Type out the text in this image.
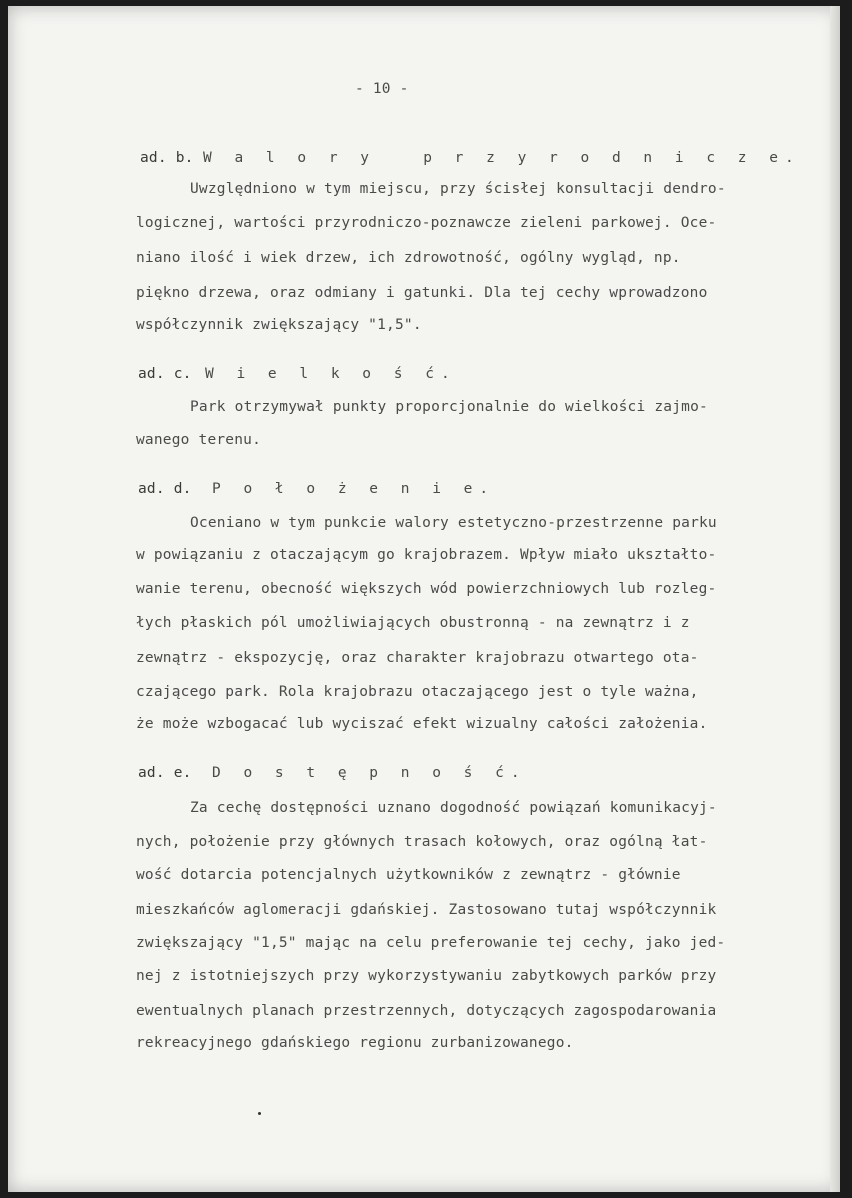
- 10 -
ad. b. W a l o r y   p r z y r o d n i c z e.
Uwzględniono w tym miejscu, przy ścisłej konsultacji dendro-
logicznej, wartości przyrodniczo-poznawcze zieleni parkowej. Oce-
niano ilość i wiek drzew, ich zdrowotność, ogólny wygląd, np.
piękno drzewa, oraz odmiany i gatunki. Dla tej cechy wprowadzono
współczynnik zwiększający "1,5".
ad. c. W i e l k o ś ć.
Park otrzymywał punkty proporcjonalnie do wielkości zajmo-
wanego terenu.
ad. d. P o ł o ż e n i e.
Oceniano w tym punkcie walory estetyczno-przestrzenne parku
w powiązaniu z otaczającym go krajobrazem. Wpływ miało ukształto-
wanie terenu, obecność większych wód powierzchniowych lub rozleg-
łych płaskich pól umożliwiających obustronną - na zewnątrz i z
zewnątrz - ekspozycję, oraz charakter krajobrazu otwartego ota-
czającego park. Rola krajobrazu otaczającego jest o tyle ważna,
że może wzbogacać lub wyciszać efekt wizualny całości założenia.
ad. e. D o s t ę p n o ś ć.
Za cechę dostępności uznano dogodność powiązań komunikacyj-
nych, położenie przy głównych trasach kołowych, oraz ogólną łat-
wość dotarcia potencjalnych użytkowników z zewnątrz - głównie
mieszkańców aglomeracji gdańskiej. Zastosowano tutaj współczynnik
zwiększający "1,5" mając na celu preferowanie tej cechy, jako jed-
nej z istotniejszych przy wykorzystywaniu zabytkowych parków przy
ewentualnych planach przestrzennych, dotyczących zagospodarowania
rekreacyjnego gdańskiego regionu zurbanizowanego.
